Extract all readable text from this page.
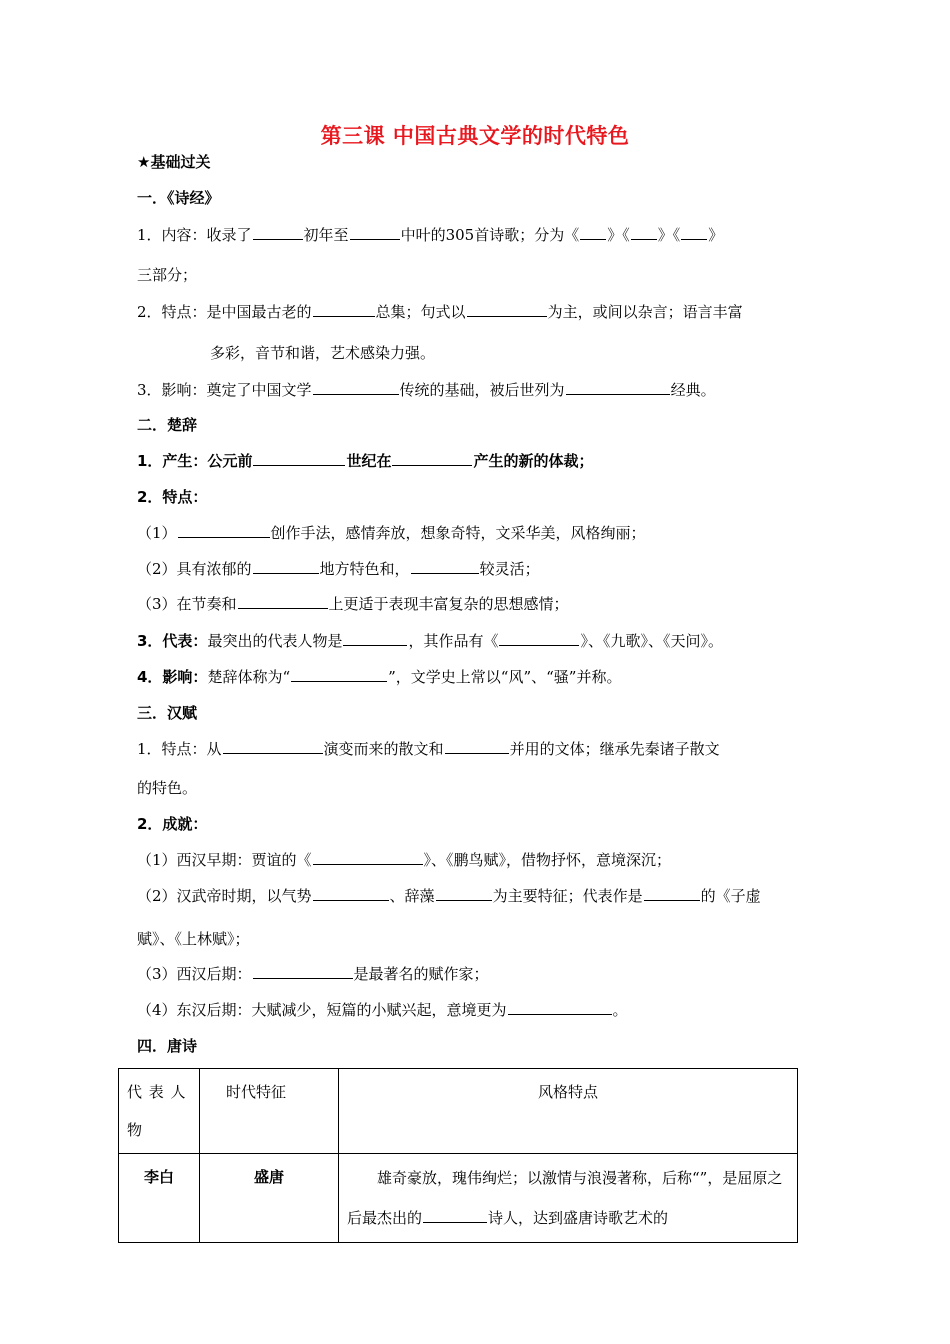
第三课 中国古典文学的时代特色
★基础过关
一．《诗经》
1．内容：收录了	初年至	中叶的305首诗歌；分为《 》《 》《 》
三部分；
2．特点：是中国最古老的	总集；句式以	为主，或间以杂言；语言丰富
多彩，音节和谐，艺术感染力强。
3．影响：奠定了中国文学	传统的基础，被后世列为	经典。
二．楚辞
1．产生：公元前	世纪在	产生的新的体裁；
2．特点：
（1）	创作手法，感情奔放，想象奇特，文采华美，风格绚丽；
（2）具有浓郁的	地方特色和，	较灵活；
（3）在节奏和	上更适于表现丰富复杂的思想感情；
3．代表：最突出的代表人物是	，其作品有《	》、《九歌》、《天问》。
4．影响：楚辞体称为“	”，文学史上常以“风”、“骚”并称。
三．汉赋
1．特点：从	演变而来的散文和	并用的文体；继承先秦诸子散文
的特色。
2．成就：
（1）西汉早期：贾谊的《	》、《鹏鸟赋》，借物抒怀，意境深沉；
（2）汉武帝时期，以气势	、辞藻	为主要特征；代表作是	的《子虚
赋》、《上林赋》；
（3）西汉后期：	是最著名的赋作家；
（4）东汉后期：大赋减少，短篇的小赋兴起，意境更为	。
四．唐诗
代 表 人 物	时代特征	风格特点
李白	盛唐	雄奇豪放，瑰伟绚烂；以激情与浪漫著称，后称“”，是屈原之后最杰出的 诗人，达到盛唐诗歌艺术的
